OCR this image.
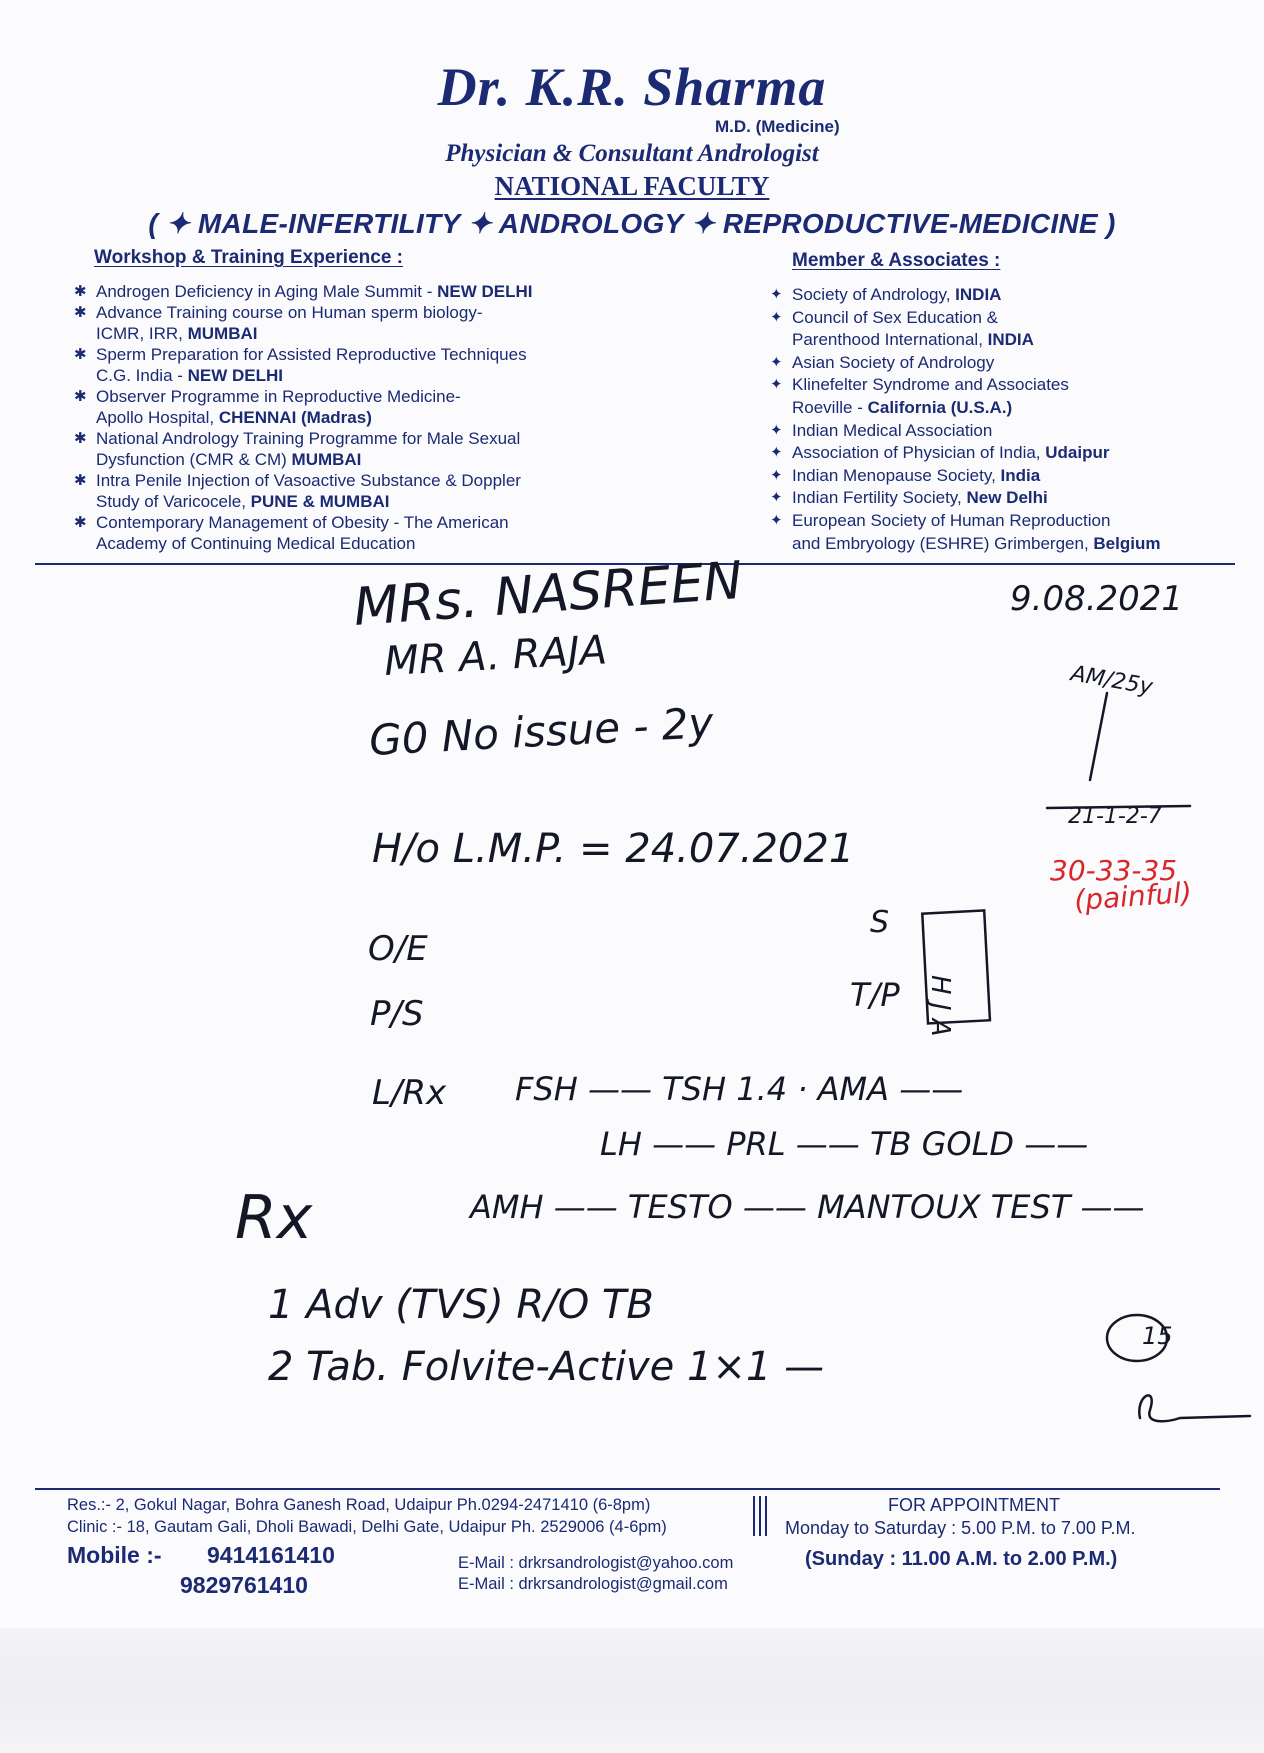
Dr. K.R. Sharma
M.D. (Medicine)
Physician & Consultant Andrologist
NATIONAL FACULTY
( ✦ MALE-INFERTILITY ✦ ANDROLOGY ✦ REPRODUCTIVE-MEDICINE )
Workshop & Training Experience :
✱ Androgen Deficiency in Aging Male Summit - NEW DELHI
✱ Advance Training course on Human sperm biology-
ICMR, IRR, MUMBAI
✱ Sperm Preparation for Assisted Reproductive Techniques
C.G. India - NEW DELHI
✱ Observer Programme in Reproductive Medicine-
Apollo Hospital, CHENNAI (Madras)
✱ National Andrology Training Programme for Male Sexual
Dysfunction (CMR & CM) MUMBAI
✱ Intra Penile Injection of Vasoactive Substance & Doppler
Study of Varicocele, PUNE & MUMBAI
✱ Contemporary Management of Obesity - The American
Academy of Continuing Medical Education
Member & Associates :
✦ Society of Andrology, INDIA
✦ Council of Sex Education &
Parenthood International, INDIA
✦ Asian Society of Andrology
✦ Klinefelter Syndrome and Associates
Roeville - California (U.S.A.)
✦ Indian Medical Association
✦ Association of Physician of India, Udaipur
✦ Indian Menopause Society, India
✦ Indian Fertility Society, New Delhi
✦ European Society of Human Reproduction
and Embryology (ESHRE) Grimbergen, Belgium
MRs. NASREEN
MR A. RAJA
9.08.2021
AM/25y
G0 No issue - 2y
H/o L.M.P. = 24.07.2021
21-1-2-7
O/E
P/S
S
T/P H J A
L/Rx FSH —— TSH 1.4 · AMA ——
LH —— PRL —— TB GOLD ——
AMH —— TESTO —— MANTOUX TEST ——
Rx
1 Adv (TVS) R/O TB
2 Tab. Folvite-Active 1×1 —
15
30-33-35
(painful)
Res.:- 2, Gokul Nagar, Bohra Ganesh Road, Udaipur Ph.0294-2471410 (6-8pm)
Clinic :- 18, Gautam Gali, Dholi Bawadi, Delhi Gate, Udaipur Ph. 2529006 (4-6pm)
Mobile :- 9414161410
9829761410
E-Mail : drkrsandrologist@yahoo.com
E-Mail : drkrsandrologist@gmail.com
FOR APPOINTMENT
Monday to Saturday : 5.00 P.M. to 7.00 P.M.
(Sunday : 11.00 A.M. to 2.00 P.M.)
